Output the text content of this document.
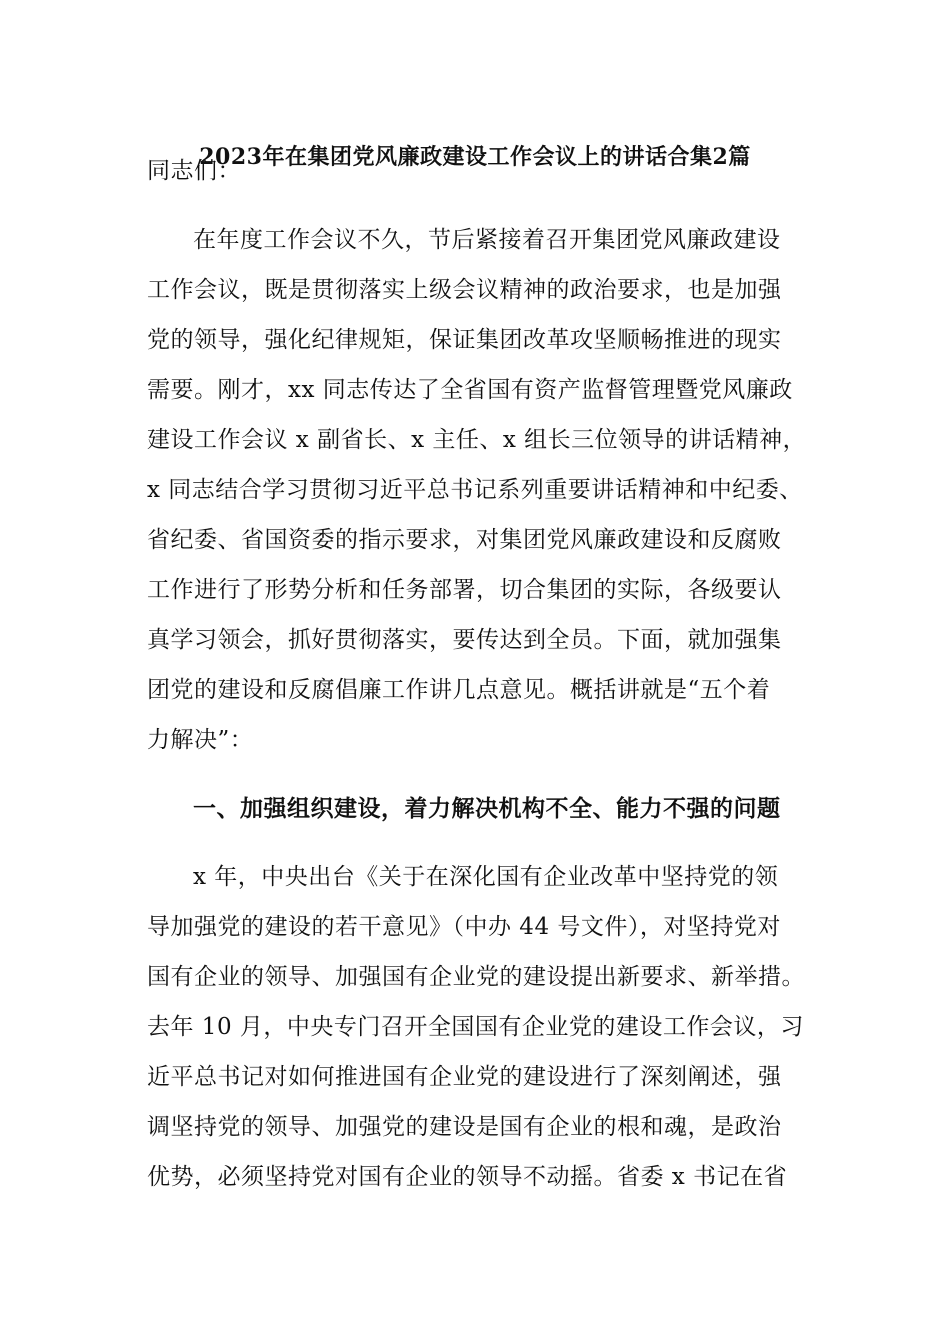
2023年在集团党风廉政建设工作会议上的讲话合集2篇
同志们：
在年度工作会议不久，节后紧接着召开集团党风廉政建设
工作会议，既是贯彻落实上级会议精神的政治要求，也是加强
党的领导，强化纪律规矩，保证集团改革攻坚顺畅推进的现实
需要。刚才，xx 同志传达了全省国有资产监督管理暨党风廉政
建设工作会议 x 副省长、x 主任、x 组长三位领导的讲话精神，
x 同志结合学习贯彻习近平总书记系列重要讲话精神和中纪委、
省纪委、省国资委的指示要求，对集团党风廉政建设和反腐败
工作进行了形势分析和任务部署，切合集团的实际，各级要认
真学习领会，抓好贯彻落实，要传达到全员。下面，就加强集
团党的建设和反腐倡廉工作讲几点意见。概括讲就是“五个着
力解决”：
一、加强组织建设，着力解决机构不全、能力不强的问题
x 年，中央出台《关于在深化国有企业改革中坚持党的领
导加强党的建设的若干意见》（中办 44 号文件），对坚持党对
国有企业的领导、加强国有企业党的建设提出新要求、新举措。
去年 10 月，中央专门召开全国国有企业党的建设工作会议，习
近平总书记对如何推进国有企业党的建设进行了深刻阐述，强
调坚持党的领导、加强党的建设是国有企业的根和魂，是政治
优势，必须坚持党对国有企业的领导不动摇。省委 x 书记在省
